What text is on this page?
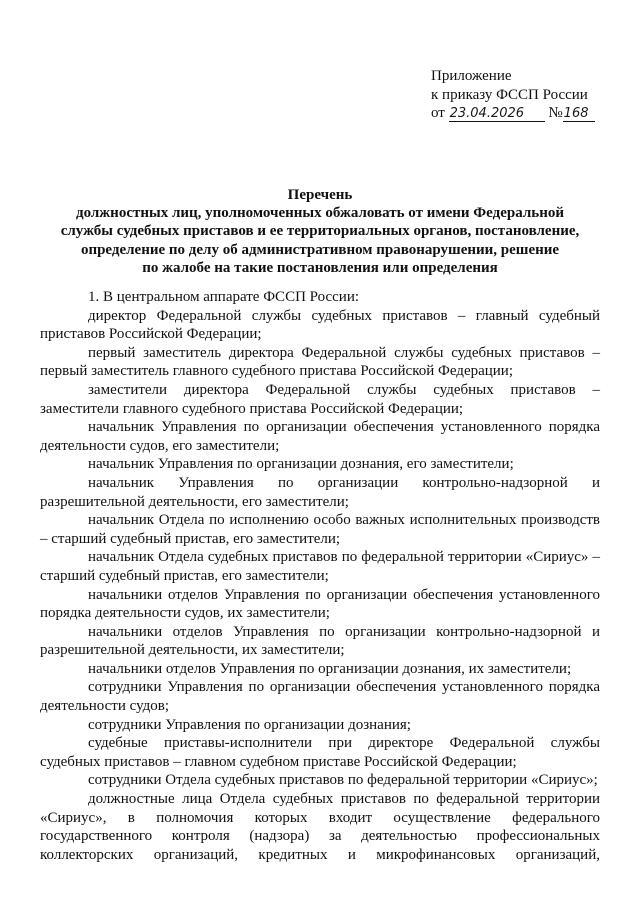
Приложение
к приказу ФССП России
от 23.04.2026 №168
Перечень
должностных лиц, уполномоченных обжаловать от имени Федеральной
службы судебных приставов и ее территориальных органов, постановление,
определение по делу об административном правонарушении, решение
по жалобе на такие постановления или определения

1. В центральном аппарате ФССП России:

директор Федеральной службы судебных приставов – главный судебный приставов Российской Федерации;

первый заместитель директора Федеральной службы судебных приставов – первый заместитель главного судебного пристава Российской Федерации;

заместители директора Федеральной службы судебных приставов – заместители главного судебного пристава Российской Федерации;

начальник Управления по организации обеспечения установленного порядка деятельности судов, его заместители;

начальник Управления по организации дознания, его заместители;

начальник Управления по организации контрольно-надзорной и разрешительной деятельности, его заместители;

начальник Отдела по исполнению особо важных исполнительных производств – старший судебный пристав, его заместители;

начальник Отдела судебных приставов по федеральной территории «Сириус» – старший судебный пристав, его заместители;

начальники отделов Управления по организации обеспечения установленного порядка деятельности судов, их заместители;

начальники отделов Управления по организации контрольно-надзорной и разрешительной деятельности, их заместители;

начальники отделов Управления по организации дознания, их заместители;

сотрудники Управления по организации обеспечения установленного порядка деятельности судов;

сотрудники Управления по организации дознания;

судебные приставы-исполнители при директоре Федеральной службы судебных приставов – главном судебном приставе Российской Федерации;

сотрудники Отдела судебных приставов по федеральной территории «Сириус»;

должностные лица Отдела судебных приставов по федеральной территории «Сириус», в полномочия которых входит осуществление федерального государственного контроля (надзора) за деятельностью профессиональных коллекторских организаций, кредитных и микрофинансовых организаций,
